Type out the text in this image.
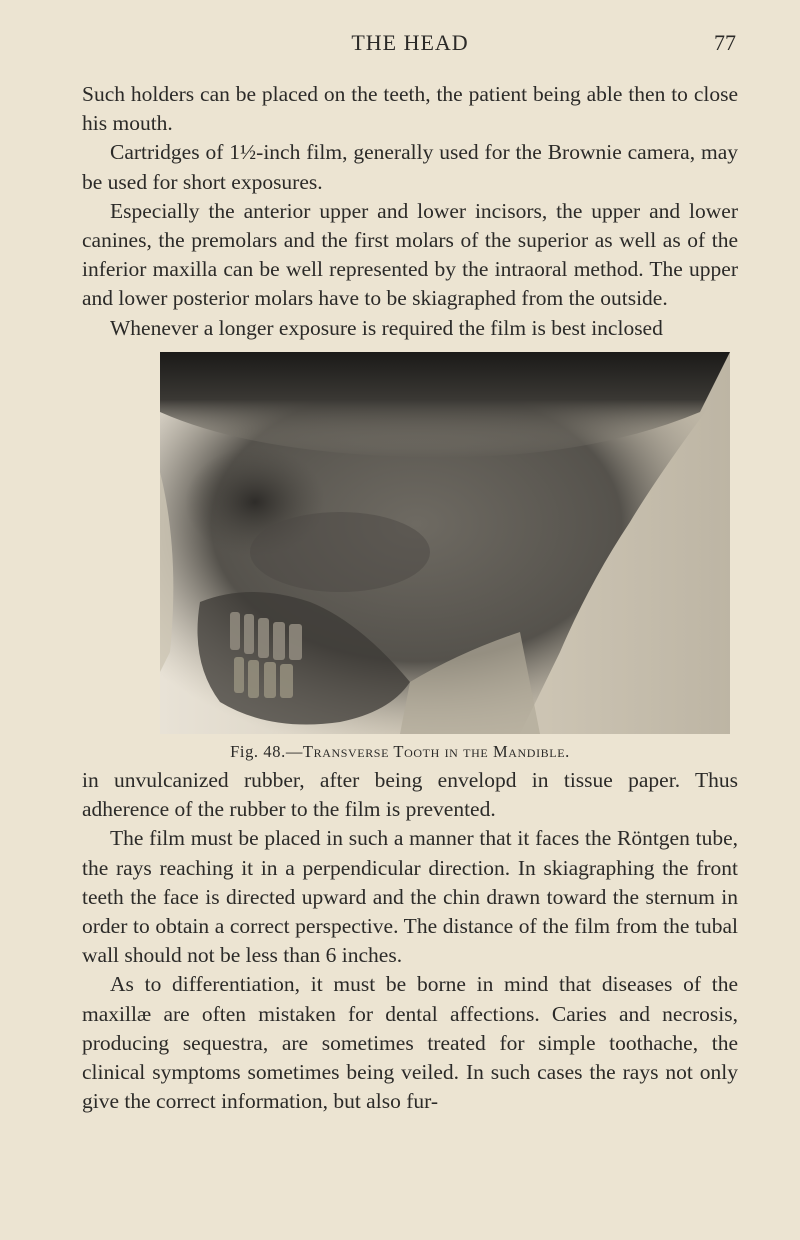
THE HEAD	77

Such holders can be placed on the teeth, the patient being able then to close his mouth.

Cartridges of 1½-inch film, generally used for the Brownie camera, may be used for short exposures.

Especially the anterior upper and lower incisors, the upper and lower canines, the premolars and the first molars of the superior as well as of the inferior maxilla can be well represented by the intraoral method. The upper and lower posterior molars have to be skiagraphed from the outside.

Whenever a longer exposure is required the film is best inclosed

Fig. 48.—Transverse Tooth in the Mandible.

in unvulcanized rubber, after being envelopd in tissue paper. Thus adherence of the rubber to the film is prevented.

The film must be placed in such a manner that it faces the Röntgen tube, the rays reaching it in a perpendicular direction. In skiagraphing the front teeth the face is directed upward and the chin drawn toward the sternum in order to obtain a correct perspective. The distance of the film from the tubal wall should not be less than 6 inches.

As to differentiation, it must be borne in mind that diseases of the maxillæ are often mistaken for dental affections. Caries and necrosis, producing sequestra, are sometimes treated for simple toothache, the clinical symptoms sometimes being veiled. In such cases the rays not only give the correct information, but also fur-
